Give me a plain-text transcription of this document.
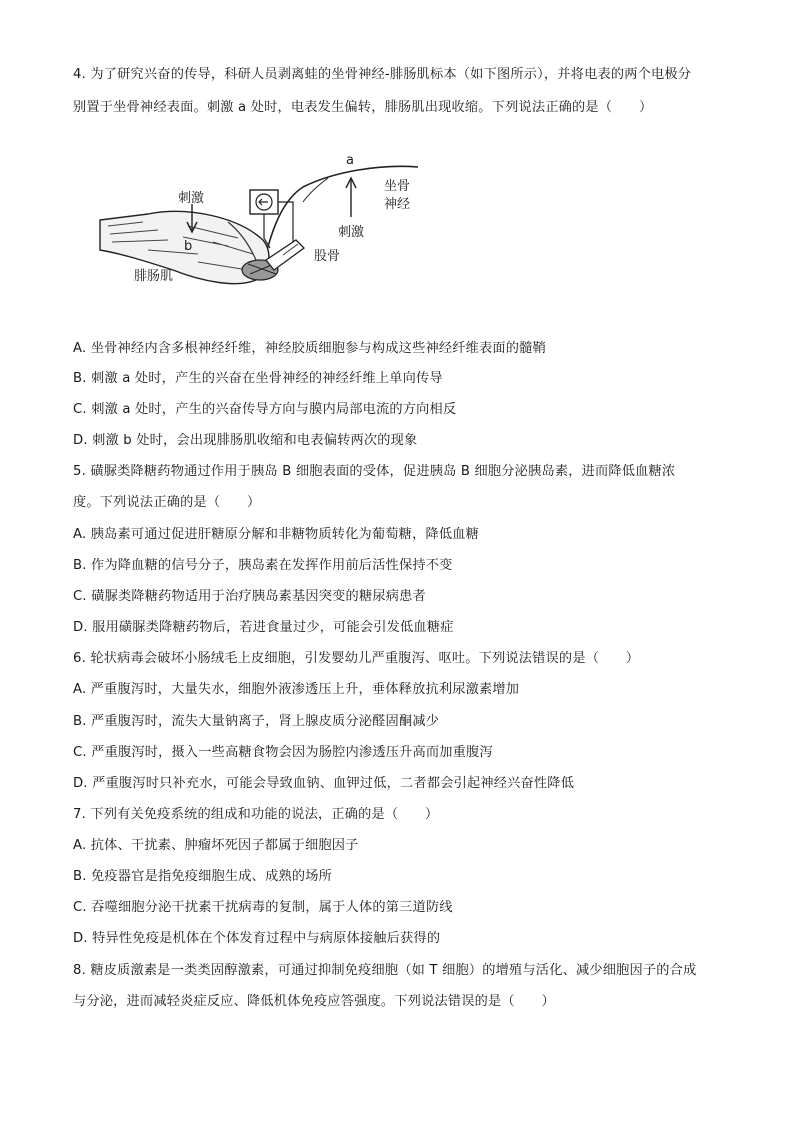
4. 为了研究兴奋的传导，科研人员剥离蛙的坐骨神经-腓肠肌标本（如下图所示），并将电表的两个电极分
别置于坐骨神经表面。刺激 a 处时，电表发生偏转，腓肠肌出现收缩。下列说法正确的是（　　）
a
b
刺激
刺激
坐骨
神经
股骨
腓肠肌
A. 坐骨神经内含多根神经纤维，神经胶质细胞参与构成这些神经纤维表面的髓鞘
B. 刺激 a 处时，产生的兴奋在坐骨神经的神经纤维上单向传导
C. 刺激 a 处时，产生的兴奋传导方向与膜内局部电流的方向相反
D. 刺激 b 处时，会出现腓肠肌收缩和电表偏转两次的现象
5. 磺脲类降糖药物通过作用于胰岛 B 细胞表面的受体，促进胰岛 B 细胞分泌胰岛素，进而降低血糖浓
度。下列说法正确的是（　　）
A. 胰岛素可通过促进肝糖原分解和非糖物质转化为葡萄糖，降低血糖
B. 作为降血糖的信号分子，胰岛素在发挥作用前后活性保持不变
C. 磺脲类降糖药物适用于治疗胰岛素基因突变的糖尿病患者
D. 服用磺脲类降糖药物后，若进食量过少，可能会引发低血糖症
6. 轮状病毒会破坏小肠绒毛上皮细胞，引发婴幼儿严重腹泻、呕吐。下列说法错误的是（　　）
A. 严重腹泻时，大量失水，细胞外液渗透压上升，垂体释放抗利尿激素增加
B. 严重腹泻时，流失大量钠离子，肾上腺皮质分泌醛固酮减少
C. 严重腹泻时，摄入一些高糖食物会因为肠腔内渗透压升高而加重腹泻
D. 严重腹泻时只补充水，可能会导致血钠、血钾过低，二者都会引起神经兴奋性降低
7. 下列有关免疫系统的组成和功能的说法，正确的是（　　）
A. 抗体、干扰素、肿瘤坏死因子都属于细胞因子
B. 免疫器官是指免疫细胞生成、成熟的场所
C. 吞噬细胞分泌干扰素干扰病毒的复制，属于人体的第三道防线
D. 特异性免疫是机体在个体发育过程中与病原体接触后获得的
8. 糖皮质激素是一类类固醇激素，可通过抑制免疫细胞（如 T 细胞）的增殖与活化、减少细胞因子的合成
与分泌，进而减轻炎症反应、降低机体免疫应答强度。下列说法错误的是（　　）
